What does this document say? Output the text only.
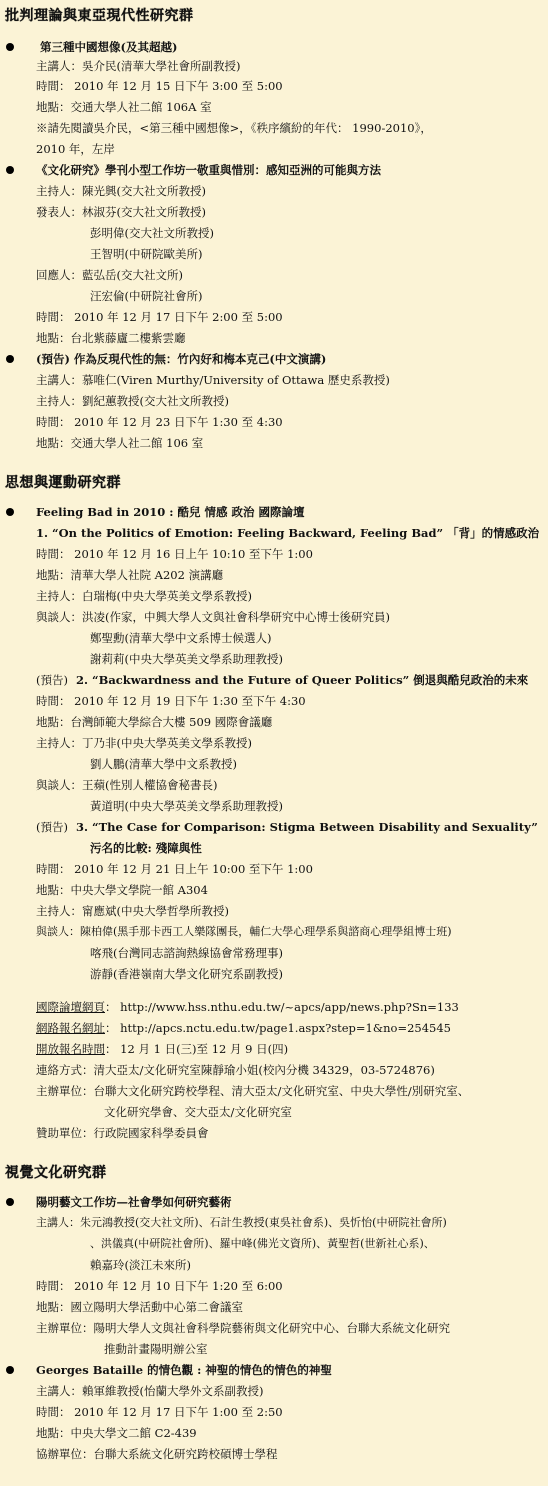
批判理論與東亞現代性研究群
第三種中國想像(及其超越)
主講人：吳介民(清華大學社會所副教授)
時間： 2010 年 12 月 15 日下午 3:00 至 5:00
地點：交通大學人社二館 106A 室
※請先閱讀吳介民，<第三種中國想像>，《秩序繽紛的年代： 1990-2010》，
2010 年，左岸
《文化研究》學刊小型工作坊一敬重與惜別：感知亞洲的可能與方法
主持人：陳光興(交大社文所教授)
發表人：林淑芬(交大社文所教授)
彭明偉(交大社文所教授)
王智明(中研院歐美所)
回應人：藍弘岳(交大社文所)
汪宏倫(中研院社會所)
時間： 2010 年 12 月 17 日下午 2:00 至 5:00
地點：台北紫藤廬二樓紫雲廳
(預告) 作為反現代性的無：竹內好和梅本克己(中文演講)
主講人：慕唯仁(Viren Murthy/University of Ottawa 歷史系教授)
主持人：劉紀蕙教授(交大社文所教授)
時間： 2010 年 12 月 23 日下午 1:30 至 4:30
地點：交通大學人社二館 106 室
思想與運動研究群
Feeling Bad in 2010 : 酷兒 情感 政治 國際論壇
1. “On the Politics of Emotion: Feeling Backward, Feeling Bad” 「背」的情感政治
時間： 2010 年 12 月 16 日上午 10:10 至下午 1:00
地點：清華大學人社院 A202 演講廳
主持人：白瑞梅(中央大學英美文學系教授)
與談人：洪凌(作家，中興大學人文與社會科學研究中心博士後研究員)
鄭聖勳(清華大學中文系博士候選人)
謝莉莉(中央大學英美文學系助理教授)
(預告) 2. “Backwardness and the Future of Queer Politics” 倒退與酷兒政治的未來
時間： 2010 年 12 月 19 日下午 1:30 至下午 4:30
地點：台灣師範大學綜合大樓 509 國際會議廳
主持人：丁乃非(中央大學英美文學系教授)
劉人鵬(清華大學中文系教授)
與談人：王蘋(性別人權協會秘書長)
黃道明(中央大學英美文學系助理教授)
(預告) 3. “The Case for Comparison: Stigma Between Disability and Sexuality”
污名的比較: 殘障與性
時間： 2010 年 12 月 21 日上午 10:00 至下午 1:00
地點：中央大學文學院一館 A304
主持人：甯應斌(中央大學哲學所教授)
與談人：陳柏偉(黑手那卡西工人樂隊團長，輔仁大學心理學系與諮商心理學組博士班)
喀飛(台灣同志諮詢熱線協會常務理事)
游靜(香港嶺南大學文化研究系副教授)
國際論壇網頁： http://www.hss.nthu.edu.tw/~apcs/app/news.php?Sn=133
網路報名網址： http://apcs.nctu.edu.tw/page1.aspx?step=1&no=254545
開放報名時間： 12 月 1 日(三)至 12 月 9 日(四)
連絡方式：清大亞太/文化研究室陳靜瑜小姐(校內分機 34329，03-5724876)
主辦單位：台聯大文化研究跨校學程、清大亞太/文化研究室、中央大學性/別研究室、
文化研究學會、交大亞太/文化研究室
贊助單位：行政院國家科學委員會
視覺文化研究群
陽明藝文工作坊—社會學如何研究藝術
主講人：朱元鴻教授(交大社文所)、石計生教授(東吳社會系)、吳忻怡(中研院社會所)
、洪儀真(中研院社會所)、羅中峰(佛光文資所)、黃聖哲(世新社心系)、
賴嘉玲(淡江未來所)
時間： 2010 年 12 月 10 日下午 1:20 至 6:00
地點：國立陽明大學活動中心第二會議室
主辦單位：陽明大學人文與社會科學院藝術與文化研究中心、台聯大系統文化研究
推動計畫陽明辦公室
Georges Bataille 的情色觀 : 神聖的情色的情色的神聖
主講人：賴軍維教授(怡蘭大學外文系副教授)
時間： 2010 年 12 月 17 日下午 1:00 至 2:50
地點：中央大學文二館 C2-439
協辦單位：台聯大系統文化研究跨校碩博士學程
